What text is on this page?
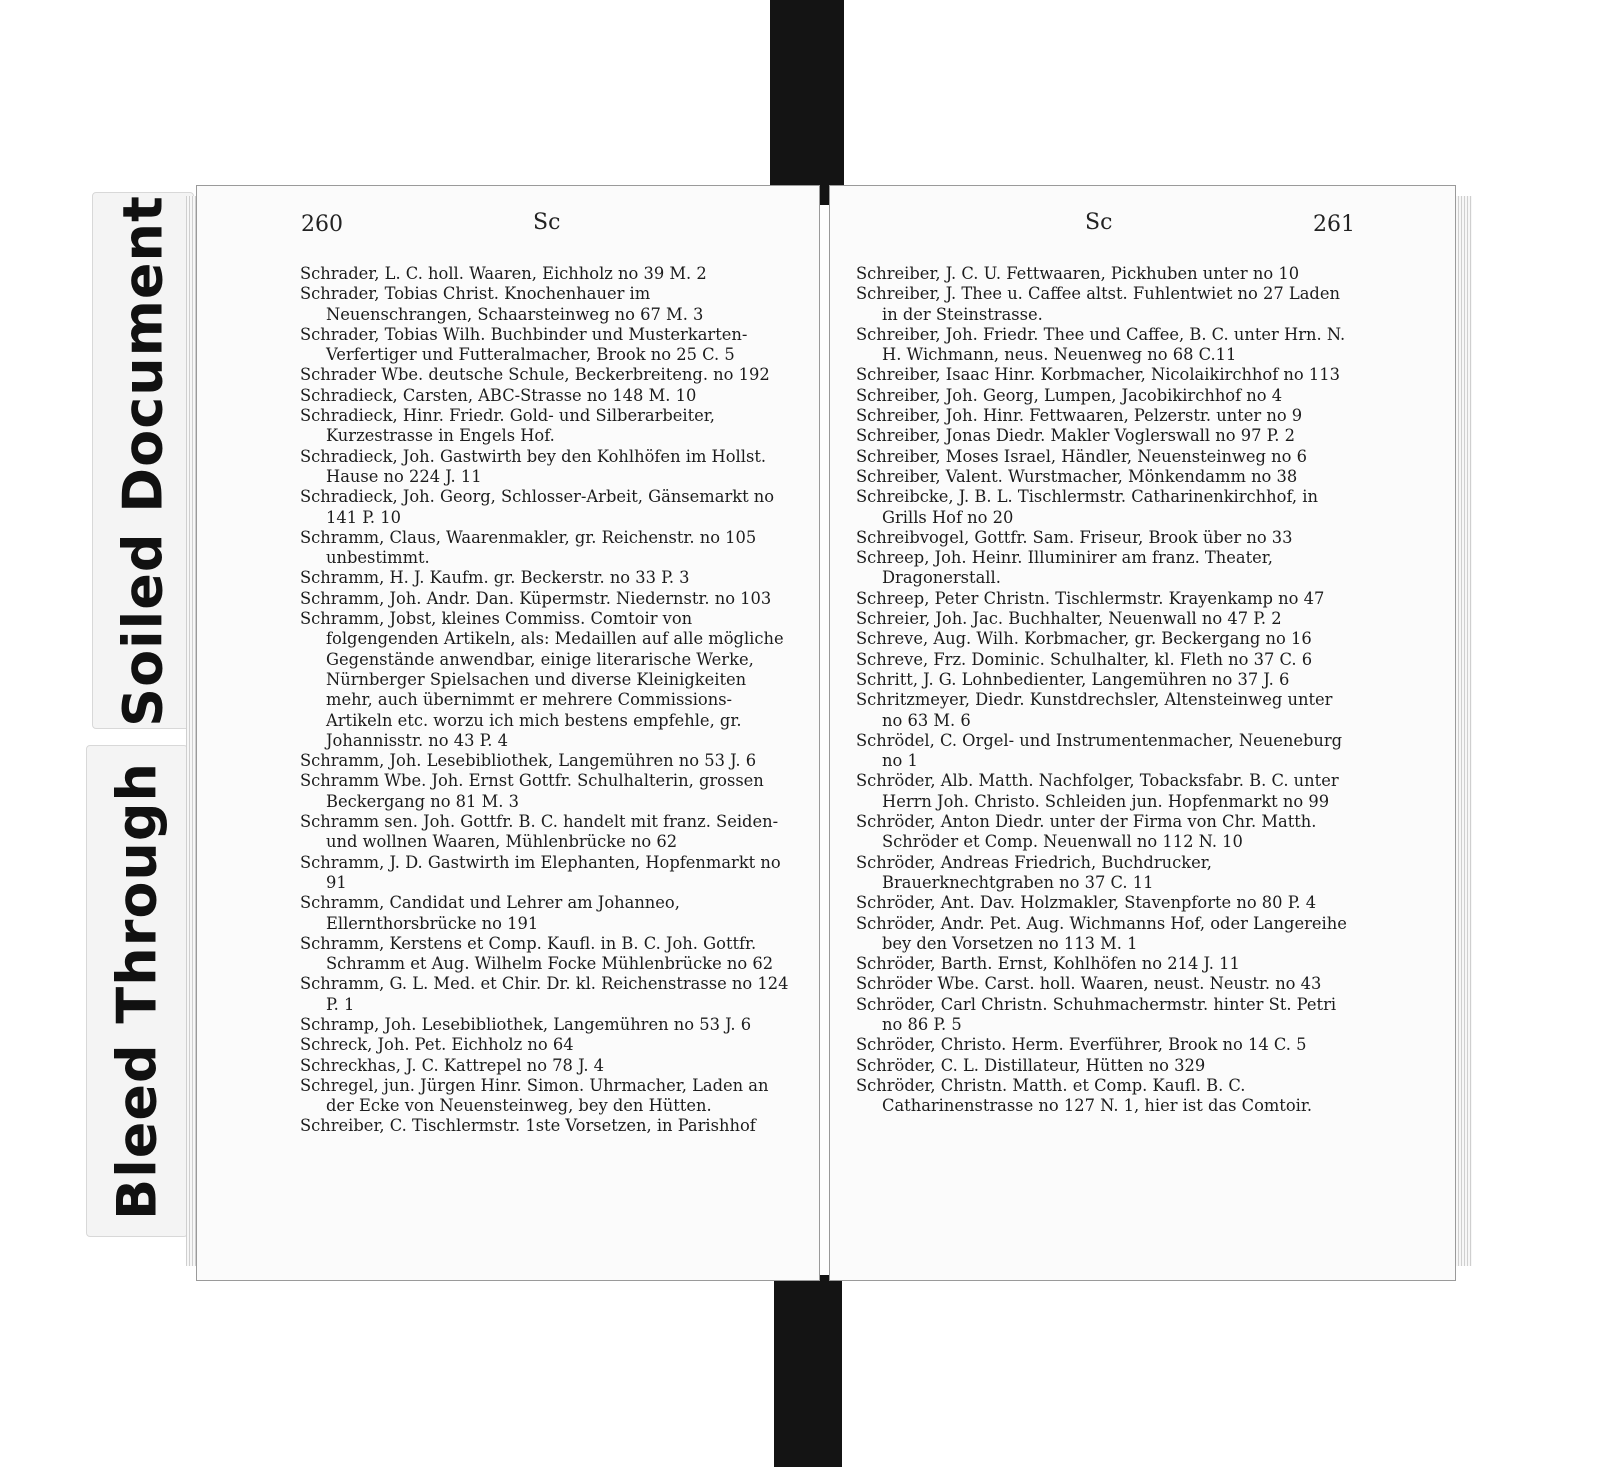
Soiled Document
Bleed Through
260	Sc
Schrader, L. C. holl. Waaren, Eichholz no 39 M. 2
Schrader, Tobias Christ. Knochenhauer im Neuenschrangen, Schaarsteinweg no 67 M. 3
Schrader, Tobias Wilh. Buchbinder und Musterkarten-Verfertiger und Futteralmacher, Brook no 25 C. 5
Schrader Wbe. deutsche Schule, Beckerbreiteng. no 192
Schradieck, Carsten, ABC-Strasse no 148 M. 10
Schradieck, Hinr. Friedr. Gold- und Silberarbeiter, Kurzestrasse in Engels Hof.
Schradieck, Joh. Gastwirth bey den Kohlhöfen im Hollst. Hause no 224 J. 11
Schradieck, Joh. Georg, Schlosser-Arbeit, Gänsemarkt no 141 P. 10
Schramm, Claus, Waarenmakler, gr. Reichenstr. no 105 unbestimmt.
Schramm, H. J. Kaufm. gr. Beckerstr. no 33 P. 3
Schramm, Joh. Andr. Dan. Küpermstr. Niedernstr. no 103
Schramm, Jobst, kleines Commiss. Comtoir von folgengenden Artikeln, als: Medaillen auf alle mögliche Gegenstände anwendbar, einige literarische Werke, Nürnberger Spielsachen und diverse Kleinigkeiten mehr, auch übernimmt er mehrere Commissions-Artikeln etc. worzu ich mich bestens empfehle, gr. Johannisstr. no 43 P. 4
Schramm, Joh. Lesebibliothek, Langemühren no 53 J. 6
Schramm Wbe. Joh. Ernst Gottfr. Schulhalterin, grossen Beckergang no 81 M. 3
Schramm sen. Joh. Gottfr. B. C. handelt mit franz. Seiden- und wollnen Waaren, Mühlenbrücke no 62
Schramm, J. D. Gastwirth im Elephanten, Hopfenmarkt no 91
Schramm, Candidat und Lehrer am Johanneo, Ellernthorsbrücke no 191
Schramm, Kerstens et Comp. Kaufl. in B. C. Joh. Gottfr. Schramm et Aug. Wilhelm Focke Mühlenbrücke no 62
Schramm, G. L. Med. et Chir. Dr. kl. Reichenstrasse no 124 P. 1
Schramp, Joh. Lesebibliothek, Langemühren no 53 J. 6
Schreck, Joh. Pet. Eichholz no 64
Schreckhas, J. C. Kattrepel no 78 J. 4
Schregel, jun. Jürgen Hinr. Simon. Uhrmacher, Laden an der Ecke von Neuensteinweg, bey den Hütten.
Schreiber, C. Tischlermstr. 1ste Vorsetzen, in Parishhof
Sc	261
Schreiber, J. C. U. Fettwaaren, Pickhuben unter no 10
Schreiber, J. Thee u. Caffee altst. Fuhlentwiet no 27 Laden in der Steinstrasse.
Schreiber, Joh. Friedr. Thee und Caffee, B. C. unter Hrn. N. H. Wichmann, neus. Neuenweg no 68 C.11
Schreiber, Isaac Hinr. Korbmacher, Nicolaikirchhof no 113
Schreiber, Joh. Georg, Lumpen, Jacobikirchhof no 4
Schreiber, Joh. Hinr. Fettwaaren, Pelzerstr. unter no 9
Schreiber, Jonas Diedr. Makler Voglerswall no 97 P. 2
Schreiber, Moses Israel, Händler, Neuensteinweg no 6
Schreiber, Valent. Wurstmacher, Mönkendamm no 38
Schreibcke, J. B. L. Tischlermstr. Catharinenkirchhof, in Grills Hof no 20
Schreibvogel, Gottfr. Sam. Friseur, Brook über no 33
Schreep, Joh. Heinr. Illuminirer am franz. Theater, Dragonerstall.
Schreep, Peter Christn. Tischlermstr. Krayenkamp no 47
Schreier, Joh. Jac. Buchhalter, Neuenwall no 47 P. 2
Schreve, Aug. Wilh. Korbmacher, gr. Beckergang no 16
Schreve, Frz. Dominic. Schulhalter, kl. Fleth no 37 C. 6
Schritt, J. G. Lohnbedienter, Langemühren no 37 J. 6
Schritzmeyer, Diedr. Kunstdrechsler, Altensteinweg unter no 63 M. 6
Schrödel, C. Orgel- und Instrumentenmacher, Neueneburg no 1
Schröder, Alb. Matth. Nachfolger, Tobacksfabr. B. C. unter Herrn Joh. Christo. Schleiden jun. Hopfenmarkt no 99
Schröder, Anton Diedr. unter der Firma von Chr. Matth. Schröder et Comp. Neuenwall no 112 N. 10
Schröder, Andreas Friedrich, Buchdrucker, Brauerknechtgraben no 37 C. 11
Schröder, Ant. Dav. Holzmakler, Stavenpforte no 80 P. 4
Schröder, Andr. Pet. Aug. Wichmanns Hof, oder Langereihe bey den Vorsetzen no 113 M. 1
Schröder, Barth. Ernst, Kohlhöfen no 214 J. 11
Schröder Wbe. Carst. holl. Waaren, neust. Neustr. no 43
Schröder, Carl Christn. Schuhmachermstr. hinter St. Petri no 86 P. 5
Schröder, Christo. Herm. Everführer, Brook no 14 C. 5
Schröder, C. L. Distillateur, Hütten no 329
Schröder, Christn. Matth. et Comp. Kaufl. B. C. Catharinenstrasse no 127 N. 1, hier ist das Comtoir.
